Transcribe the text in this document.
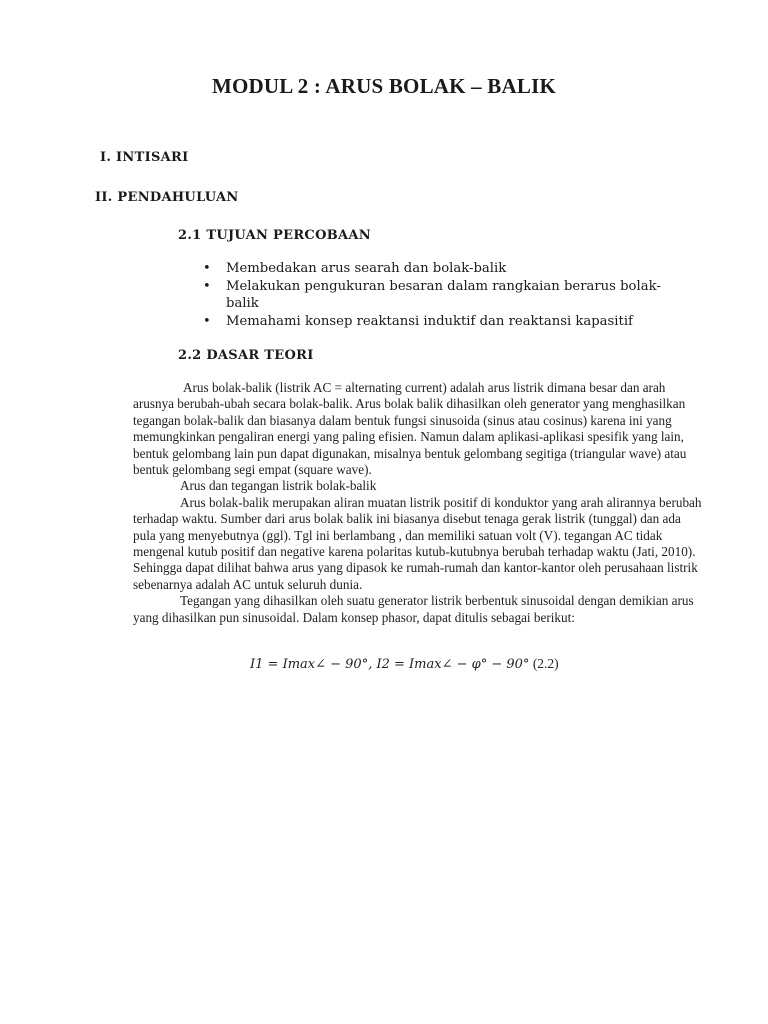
MODUL 2 : ARUS BOLAK – BALIK
I. INTISARI
II. PENDAHULUAN
2.1 TUJUAN PERCOBAAN
• Membedakan arus searah dan bolak-balik
• Melakukan pengukuran besaran dalam rangkaian berarus bolak-balik
• Memahami konsep reaktansi induktif dan reaktansi kapasitif
2.2 DASAR TEORI

Arus bolak-balik (listrik AC = alternating current) adalah arus listrik dimana besar dan arah arusnya berubah-ubah secara bolak-balik. Arus bolak balik dihasilkan oleh generator yang menghasilkan tegangan bolak-balik dan biasanya dalam bentuk fungsi sinusoida (sinus atau cosinus) karena ini yang memungkinkan pengaliran energi yang paling efisien. Namun dalam aplikasi-aplikasi spesifik yang lain, bentuk gelombang lain pun dapat digunakan, misalnya bentuk gelombang segitiga (triangular wave) atau bentuk gelombang segi empat (square wave).

Arus dan tegangan listrik bolak-balik

Arus bolak-balik merupakan aliran muatan listrik positif di konduktor yang arah alirannya berubah terhadap waktu. Sumber dari arus bolak balik ini biasanya disebut tenaga gerak listrik (tunggal) dan ada pula yang menyebutnya (ggl). Tgl ini berlambang , dan memiliki satuan volt (V). tegangan AC tidak mengenal kutub positif dan negative karena polaritas kutub-kutubnya berubah terhadap waktu (Jati, 2010). Sehingga dapat dilihat bahwa arus yang dipasok ke rumah-rumah dan kantor-kantor oleh perusahaan listrik sebenarnya adalah AC untuk seluruh dunia.

Tegangan yang dihasilkan oleh suatu generator listrik berbentuk sinusoidal dengan demikian arus yang dihasilkan pun sinusoidal. Dalam konsep phasor, dapat ditulis sebagai berikut:

I1 = Imax∠ − 90°, I2 = Imax∠ − φ° − 90° (2.2)
